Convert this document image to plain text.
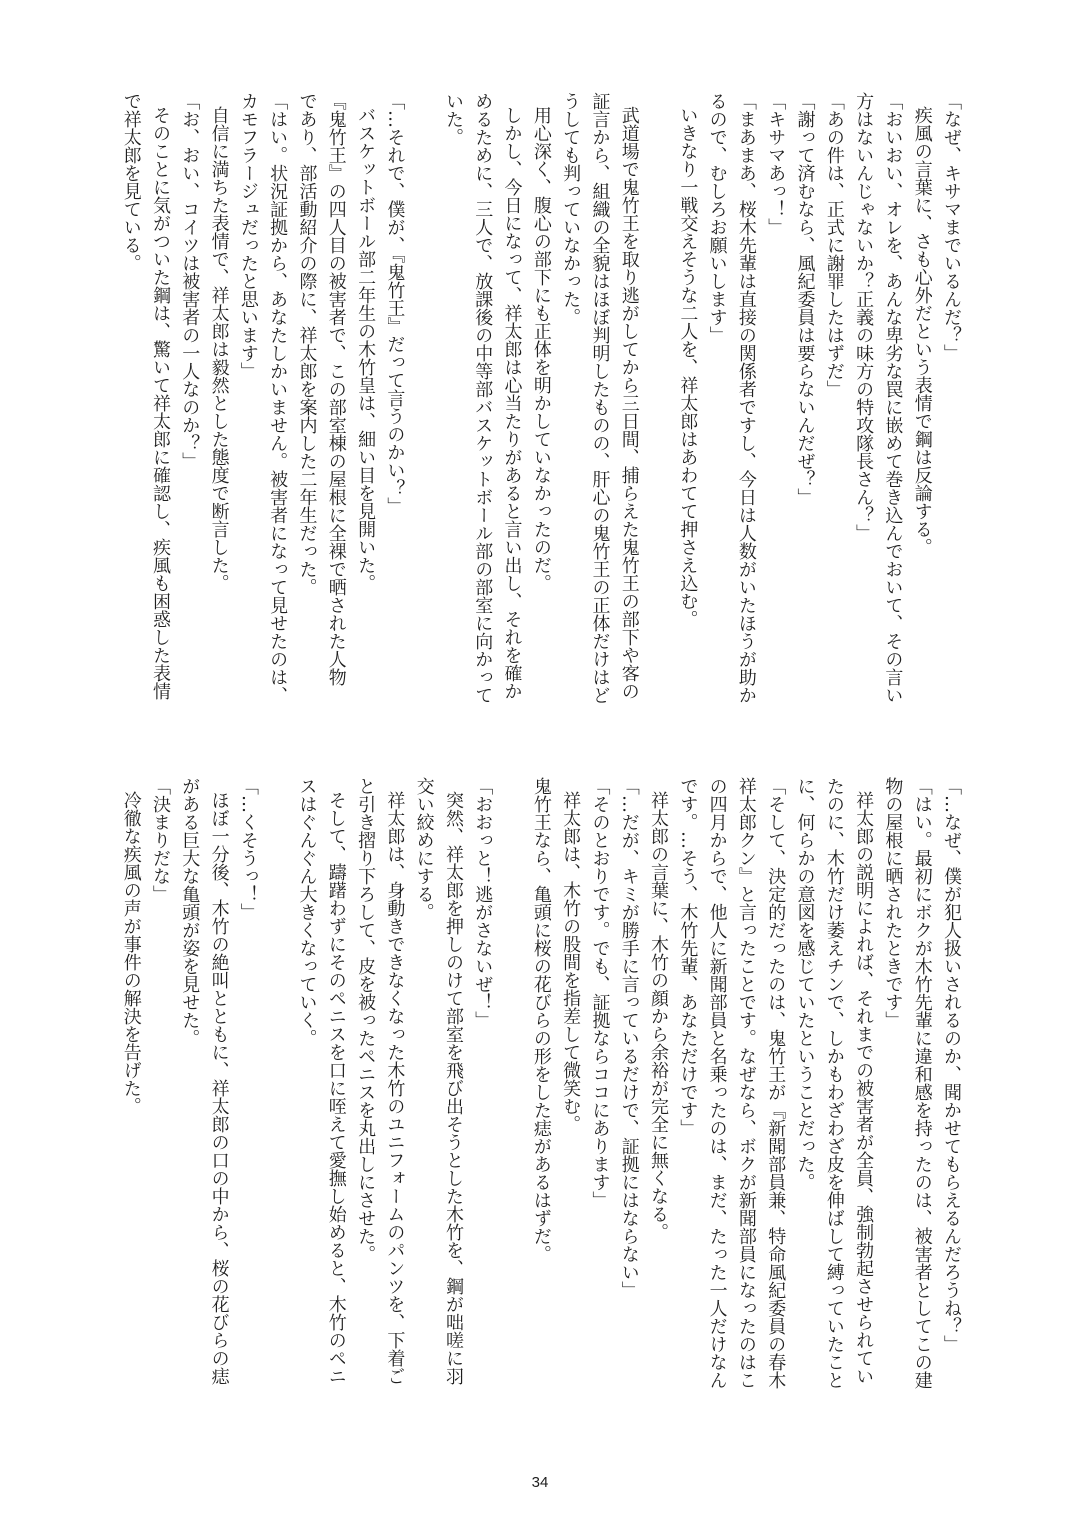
「なぜ、キサマまでいるんだ？」
疾風の言葉に、さも心外だという表情で鋼は反論する。
「おいおい、オレを、あんな卑劣な罠に嵌めて巻き込んでおいて、その言い
方はないんじゃないか？正義の味方の特攻隊長さん？」
「あの件は、正式に謝罪したはずだ」
「謝って済むなら、風紀委員は要らないんだぜ？」
「キサマあっ！」
「まあまあ、桜木先輩は直接の関係者ですし、今日は人数がいたほうが助か
るので、むしろお願いします」
いきなり一戦交えそうな二人を、祥太郎はあわてて押さえ込む。
武道場で鬼竹王を取り逃がしてから三日間、捕らえた鬼竹王の部下や客の
証言から、組織の全貌はほぼ判明したものの、肝心の鬼竹王の正体だけはど
うしても判っていなかった。
用心深く、腹心の部下にも正体を明かしていなかったのだ。
しかし、今日になって、祥太郎は心当たりがあると言い出し、それを確か
めるために、三人で、放課後の中等部バスケットボール部の部室に向かって
いた。
「…それで、僕が、『鬼竹王』だって言うのかい？」
バスケットボール部二年生の木竹皇は、細い目を見開いた。
『鬼竹王』の四人目の被害者で、この部室棟の屋根に全裸で晒された人物
であり、部活動紹介の際に、祥太郎を案内した二年生だった。
「はい。状況証拠から、あなたしかいません。被害者になって見せたのは、
カモフラージュだったと思います」
自信に満ちた表情で、祥太郎は毅然とした態度で断言した。
「お、おい、コイツは被害者の一人なのか？」
そのことに気がついた鋼は、驚いて祥太郎に確認し、疾風も困惑した表情
で祥太郎を見ている。
「…なぜ、僕が犯人扱いされるのか、聞かせてもらえるんだろうね？」
「はい。最初にボクが木竹先輩に違和感を持ったのは、被害者としてこの建
物の屋根に晒されたときです」
祥太郎の説明によれば、それまでの被害者が全員、強制勃起させられてい
たのに、木竹だけ萎えチンで、しかもわざわざ皮を伸ばして縛っていたこと
に、何らかの意図を感じていたということだった。
「そして、決定的だったのは、鬼竹王が『新聞部員兼、特命風紀委員の春木
祥太郎クン』と言ったことです。なぜなら、ボクが新聞部員になったのはこ
の四月からで、他人に新聞部員と名乗ったのは、まだ、たった一人だけなん
です。…そう、木竹先輩、あなただけです」
祥太郎の言葉に、木竹の顔から余裕が完全に無くなる。
「…だが、キミが勝手に言っているだけで、証拠にはならない」
「そのとおりです。でも、証拠ならココにあります」
祥太郎は、木竹の股間を指差して微笑む。
鬼竹王なら、亀頭に桜の花びらの形をした痣があるはずだ。
「おおっと！逃がさないぜ！」
突然、祥太郎を押しのけて部室を飛び出そうとした木竹を、鋼が咄嗟に羽
交い絞めにする。
祥太郎は、身動きできなくなった木竹のユニフォームのパンツを、下着ご
と引き摺り下ろして、皮を被ったペニスを丸出しにさせた。
そして、躊躇わずにそのペニスを口に咥えて愛撫し始めると、木竹のペニ
スはぐんぐん大きくなっていく。
「…くそうっ！」
ほぼ一分後、木竹の絶叫とともに、祥太郎の口の中から、桜の花びらの痣
がある巨大な亀頭が姿を見せた。
「決まりだな」
冷徹な疾風の声が事件の解決を告げた。
34
